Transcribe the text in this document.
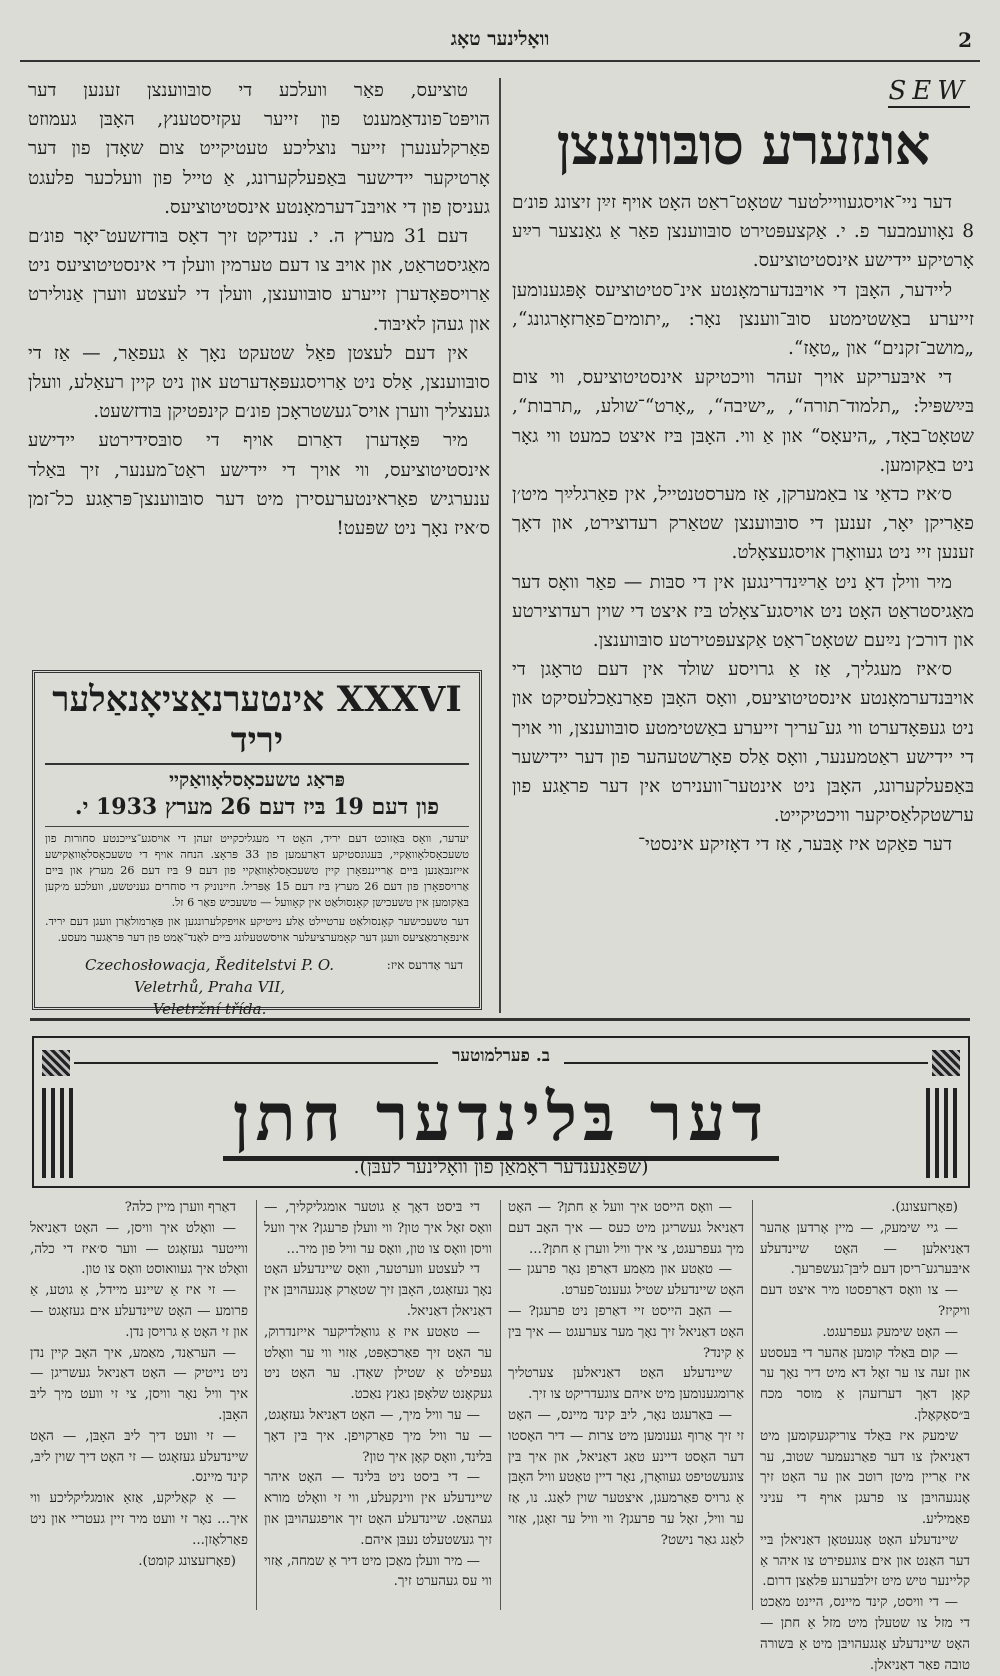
2
וואָלינער טאָג
SEW
אונזערע סובּווענצן

דער ניי־אויסגעוויילטער שטאָט־ראַט האָט אויף זײַן זיצונג פונ׳ם 8 נאָוועמבער פ. י. אַקצעפּטירט סובּווענצן פאַר אַ גאַנצער רײַע אָרטיקע יידישע אינסטיטוציעס.

ליידער, האָבּן די אויבּנדערמאָנטע אינ־סטיטוציעס אָפּגענומען זייערע באַשטימטע סובּ־ווענצן נאָר: „יתומים־פאַרזאָרגונג“, „מושב־זקנים“ און „טאָז“.

די איבּעריקע אויך זעהר וויכטיקע אינסטיטוציעס, ווי צום בּײַשפּיל: „תלמוד־תורה“, „ישיבה“, „אָרט“־שולע, „תרבות“, שטאָט־באָד, „היעאָס“ און אַ ווי. האָבּן בּיז איצט כמעט ווי גאָר ניט באַקומען.

ס׳איז כדאַי צו באַמערקן, אַז מערסטנטייל, אין פאַרגלײַך מיט׳ן פאַריקן יאָר, זענען די סובּווענצן שטאַרק רעדוצירט, און דאָך זענען זיי ניט געוואָרן אויסגעצאָלט.

מיר ווילן דאָ ניט אַרײַנדרינגען אין די סבּות — פאַר וואָס דער מאַגיסטראַט האָט ניט אויסגע־צאָלט בּיז איצט די שוין רעדוצירטע און דורכ׳ן נײַעם שטאָט־ראַט אַקצעפּטירטע סובּווענצן.

ס׳איז מעגליך, אַז אַ גרויסע שולד אין דעם טראָגן די אויבּנדערמאָנטע אינסטיטוציעס, וואָס האָבּן פאַרנאַכלעסיקט און ניט געפּאָדערט ווי גע־עריך זייערע באַשטימטע סובּווענצן, ווי אויך די יידישע ראַטמענער, וואָס אַלס פאָרשטעהער פון דער יידישער בּאַפעלקערונג, האָבּן ניט אינטער־ווענירט אין דער פראַגע פון ערשטקלאַסיקער וויכטיקייט.

דער פאַקט איז אָבּער, אַז די דאָזיקע אינסטי־

טוציעס, פאַר וועלכע די סובּווענצן זענען דער הויפּט־פונדאַמענט פון זייער עקזיסטענץ, האָבּן געמוזט פאַרקלענערן זייער נוצליכע טעטיקייט צום שאָדן פון דער אָרטיקער יידישער בּאַפעלקערונג, אַ טייל פון וועלכער פלעגט געניסן פון די אויבּנ־דערמאָנטע אינסטיטוציעס.

דעם 31 מערץ ה. י. ענדיקט זיך דאָס בּודזשעט־יאָר פונ׳ם מאַגיסטראַט, און אויבּ צו דעם טערמין וועלן די אינסטיטוציעס ניט אַרויספּאָדערן זייערע סובּווענצן, וועלן די לעצטע ווערן אַנולירט און געהן לאיבּוד.

אין דעם לעצטן פאַל שטעקט נאָך אַ געפאַר, — אַז די סובּווענצן, אַלס ניט אַרויסגעפּאָדערטע און ניט קיין רעאַלע, וועלן גענצליך ווערן אויס־געשטראָכן פונ׳ם קינפטיקן בּודזשעט.

מיר פּאָדערן דאַרום אויף די סובּסידירטע יידישע אינסטיטוציעס, ווי אויך די יידישע ראַט־מענער, זיך בּאַלד ענערגיש פאַראינטערעסירן מיט דער סובּווענצן־פּראַגע כל־זמן ס׳איז נאָך ניט שפּעט!

XXXVI אינטערנאַציאָנאַלער יריד
פּראַג טשעכאָסלאָוואַקיי
פון דעם 19 בּיז דעם 26 מערץ 1933 י.

יעדער, וואָס בּאַזוכט דעם יריד, האָט די מעגליכקייט זעהן די אויסגע־צייכנטע סחורות פון טשעכאָסלאָוואַקיי, בּעגונסטיקע דאַרעמען פון 33 פּראָצ. הנחה אויף די טשעכאָסלאָוואַקישע אייזנבּאַנען בּיים אַרייננפאָרן קיין טשעכאָסלאָוואַקיי פון דעם 9 בּיז דעם 26 מערץ און בּיים אַרויספאָרן פון דעם 26 מערץ בּיז דעם 15 אַפּריל. חיינוניק די סוחרים געניטשע, וועלכע מ׳קען בּאַקומען אין טשעכישן קאָנסולאַט אין קאָוועל — טשעכיש פאַר 6 זל.

דער טשעכישער קאָנסולאַט ערטיילט אַלע נייטיקע אויפקלערונגען און פּאָרמולאַרן וועגן דעם יריד. אינפאָרמאַציעס וועגן דער קאָמערציעלער אויסשטעלונג בּיים לאַנד־אַמט פון דער פּראַגער מעסע.

Czechosłowacja, Ředitelstvi P. O.
Veletrhů, Praha VII,
Veletržní třída.
דער אַדרעס איז:
ב. פערלמוטער
דער בּלינדער חתן
(שפּאַנענדער ראָמאַן פון וואָלינער לעבּן).

(פאָרזעצונג).

— גיי שימעק, — מיין אָרדען אַהער דאַניאלען — האָט שיינדעלע איבּערגע־ריסן דעם ליבּן־געשפּרעך.

— צו וואָס דאַרפסטו מיר איצט דעם וויקיז?

— האָט שימעק געפרעגט.

— קום בּאַלד קומען אַהער די בּעסטע און זעה צו ער זאָל דא מיט דיר נאָך ער קאָן דאָך דערזעהן אַ מוסר מכח בּ״סאָקאָלן.

שימעק איז בּאַלד צוריקגעקומען מיט דאַניאלן צו דער פאַרנעמער שטוב, ער איז אַריין מיטן רוטב און ער האָט זיך אָנגעהויבּן צו פרעגן אויף די עניני פאַמיליע.

שיינדעלע האָט אָנגעטאָן דאַניאלן בּיי דער האַנט און אים צוגעפירט צו איהר אַ קליינער טיש מיט זילבּערנע פּלאַצן דרום.

— די וויסט, קינד מיינס, היינט מאַכט די מזל צו שטעלן מיט מזל אַ חתן — האָט שיינדעלע אָנגעהויבּן מיט אַ בּשורה טובה פאַר דאַניאלן.

— וואָס הייסט איך וועל אַ חתן? — האָט דאַניאל געשריגן מיט כעס — איך האָב דעם מיך געפרעגט, צי איך וויל ווערן אַ חתן?...

— טאַטע און מאַמע דאַרפן נאָר פרעגן — האָט שיינדעלע שטיל געענט־פערט.

— האָב הייסט זיי דאַרפן ניט פרעגן? — האָט דאַניאל זיך נאָך מער צערעגט — איך בּין אַ קינד?

שיינדעלע האָט דאַניאלען צערטליך אַרומגענומען מיט איהם צוגעדריקט צו זיך.

— בּאַרעגט נאָר, ליבּ קינד מיינס, — האָט זי זיך אַרוף גענומען מיט צרות — דיר האָסטו דער האָסט דיינע טאַג דאַניאל, און איך בּין צוגעשטיפט געוואָרן, נאָר דיין טאַטע וויל האָבּן אַ גרויס פאַרמעגן, איצטער שוין לאַנג. נו, אַז ער וויל, זאָל ער פרעגן? ווי וויל ער זאָגן, אַזוי לאַנג גאַר נישט?

די בּיסט דאָך אַ גוטער אומגליקליך, — וואָס זאָל איך טון? ווי וועלן פרעגן? איך וועל וויסן וואָס צו טון, וואָס ער וויל פון מיר...

די לעצטע ווערטער, וואָס שיינדעלע האָט נאָך געזאָגט, האָבּן זיך שטאַרק אָנגעהויבּן אין דאַניאלן דאַניאל.

— טאַטע איז אַ גוואַלדיקער אייזנדרוק, ער האָט זיך פאַרכאַפּט, אַזוי ווי ער וואָלט געפילט אַ שטילן שאָדן. ער האָט ניט געקאָנט שלאָפן גאַנץ נאַכט.

— ער וויל מיך, — האָט דאַניאל געזאָגט, — ער וויל מיך פאַרקויפן. איך בּין דאָך בּלינד, וואָס קאָן איך טון?

— די ביסט ניט בּלינד — האָט איהר שיינדעלע אין ווינקעלע, ווי זי וואָלט מורא געהאַט. שיינדעלע האָט זיך אויפגעהויבּן און זיך געשטעלט נעבּן איהם.

— מיר וועלן מאַכן מיט דיר אַ שמחה, אַזוי ווי עס געהערט זיך.

דאַרף ווערן מיין כלה?

— וואָלט איך וויסן, — האָט דאַניאל ווייטער געזאָגט — ווער ס׳איז די כלה, וואָלט איך געוואוסט וואָס צו טון.

— זי איז אַ שיינע מיידל, אַ גוטע, אַ פרומע — האָט שיינדעלע אים געזאָגט — און זי האָט אַ גרויסן נדן.

— העראַנד, מאַמע, איך האָב קיין נדן ניט נייטיק — האָט דאַניאל געשריגן — איך וויל נאָר וויסן, צי זי וועט מיך ליבּ האָבּן.

— זי וועט דיך ליבּ האָבּן, — האָט שיינדעלע געזאָגט — זי האָט דיך שוין ליבּ, קינד מיינס.

— אַ קאַליקע, אַזאַ אומגליקליכע ווי איך... נאָר זי וועט מיר זיין געטריי און ניט פאַרלאָזן...

(פאָרזעצונג קומט).
